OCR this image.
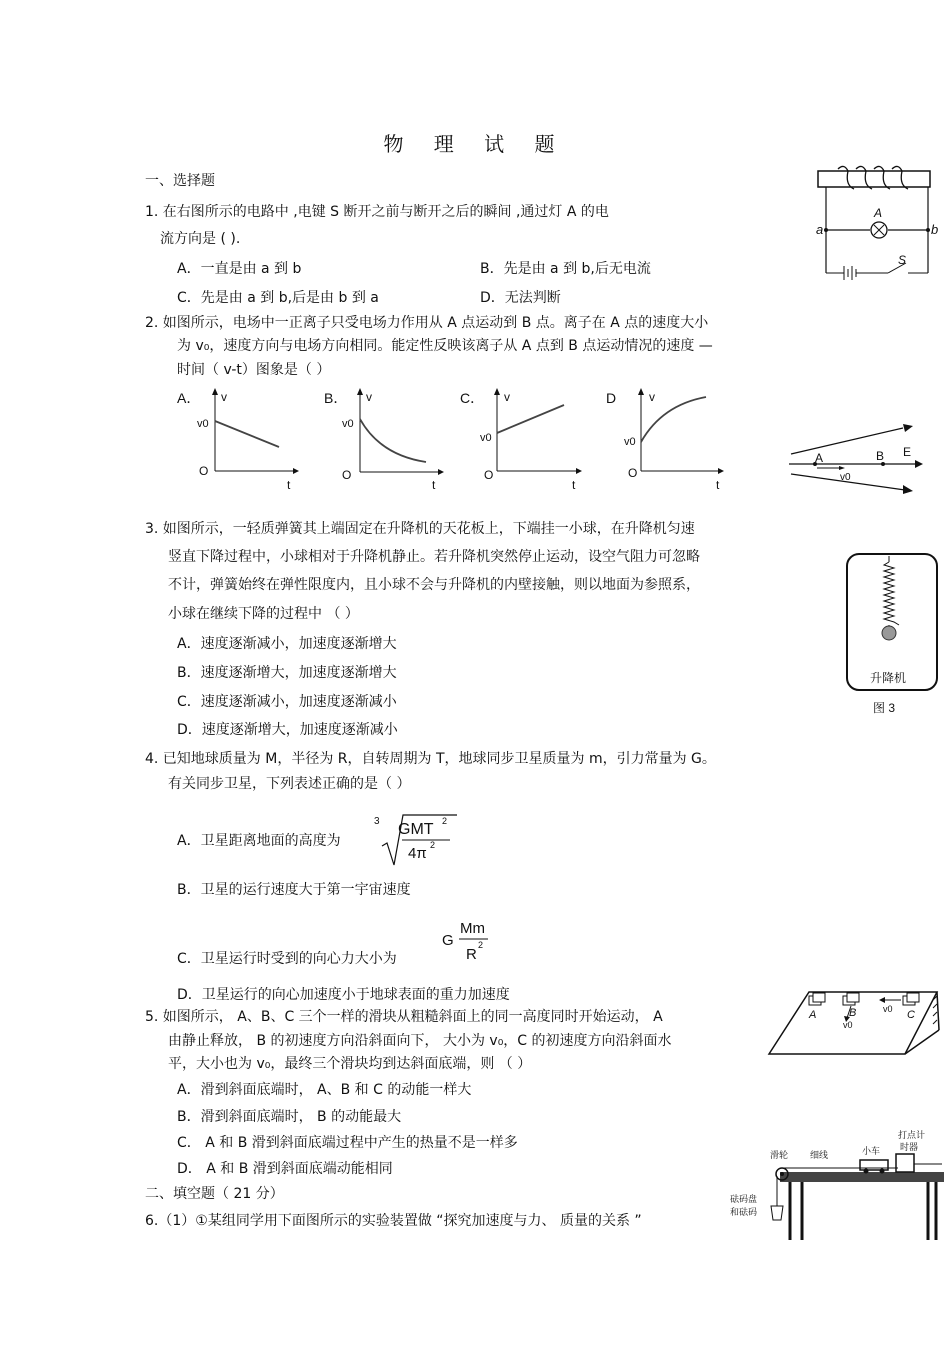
物 理 试 题
一、选择题
1. 在右图所示的电路中 ,电键 S 断开之前与断开之后的瞬间 ,通过灯 A 的电
流方向是 ( ).
A．一直是由 a 到 b	B．先是由 a 到 b,后无电流
C．先是由 a 到 b,后是由 b 到 a	D．无法判断
a	b
A
S
2. 如图所示，电场中一正离子只受电场力作用从 A 点运动到 B 点。离子在 A 点的速度大小
为 v₀，速度方向与电场方向相同。能定性反映该离子从 A 点到 B 点运动情况的速度 —
时间（ v-t）图象是（ ）
A． v
v0
O
t
B． v
v0
O
t
C． v
v0
O
t
D	v
v0
O
t
A	B E
v0
3. 如图所示，一轻质弹簧其上端固定在升降机的天花板上，下端挂一小球，在升降机匀速
竖直下降过程中，小球相对于升降机静止。若升降机突然停止运动，设空气阻力可忽略
不计，弹簧始终在弹性限度内，且小球不会与升降机的内壁接触，则以地面为参照系，
小球在继续下降的过程中 （ ）
A．速度逐渐减小，加速度逐渐增大
B．速度逐渐增大，加速度逐渐增大
C．速度逐渐减小，加速度逐渐减小
D．速度逐渐增大，加速度逐渐减小
升降机
图 3
4. 已知地球质量为 M，半径为 R，自转周期为 T，地球同步卫星质量为 m，引力常量为 G。
有关同步卫星，下列表述正确的是（ ）
A．卫星距离地面的高度为
3 GMT 2
4π 2
B．卫星的运行速度大于第一宇宙速度
G
Mm
R
2
C．卫星运行时受到的向心力大小为
D．卫星运行的向心加速度小于地球表面的重力加速度
5. 如图所示， A、B、C 三个一样的滑块从粗糙斜面上的同一高度同时开始运动， A
由静止释放， B 的初速度方向沿斜面向下， 大小为 v₀，C 的初速度方向沿斜面水
平，大小也为 v₀，最终三个滑块均到达斜面底端，则 （ ）
A．滑到斜面底端时， A、B 和 C 的动能一样大
B．滑到斜面底端时， B 的动能最大
C． A 和 B 滑到斜面底端过程中产生的热量不是一样多
D． A 和 B 滑到斜面底端动能相同
A	B	C
v0
v0
二、填空题（ 21 分）
6.（1）①某组同学用下面图所示的实验装置做 “探究加速度与力、 质量的关系 ”
滑轮 细线	小车
打点计
时器
砝码盘
和砝码
